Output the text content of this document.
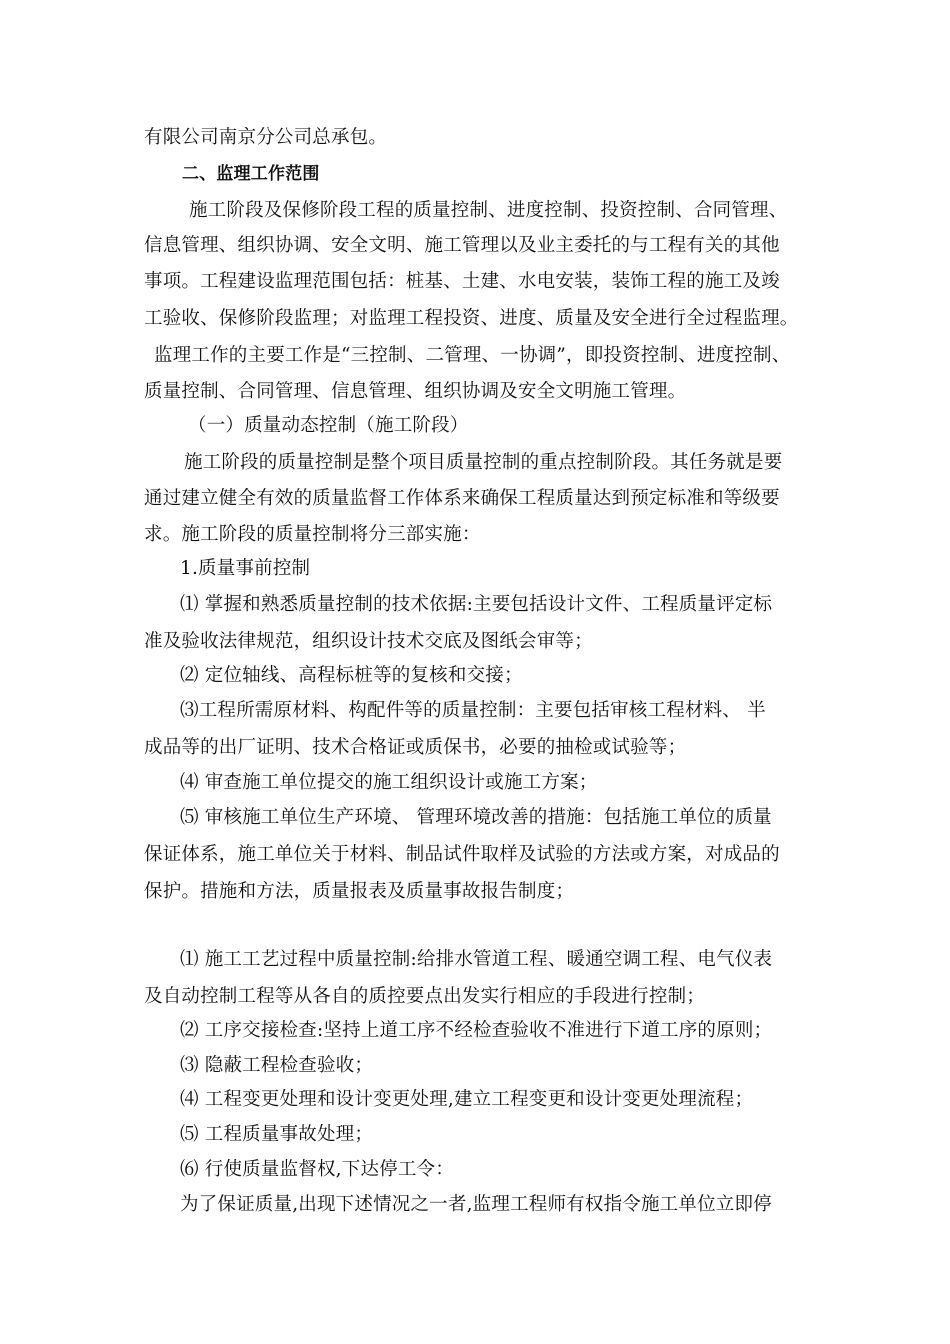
有限公司南京分公司总承包。
二、监理工作范围
施工阶段及保修阶段工程的质量控制、进度控制、投资控制、合同管理、
信息管理、组织协调、安全文明、施工管理以及业主委托的与工程有关的其他
事项。工程建设监理范围包括：桩基、土建、水电安装，装饰工程的施工及竣
工验收、保修阶段监理；对监理工程投资、进度、质量及安全进行全过程监理。
监理工作的主要工作是“三控制、二管理、一协调”，即投资控制、进度控制、
质量控制、合同管理、信息管理、组织协调及安全文明施工管理。
（一）质量动态控制（施工阶段）
施工阶段的质量控制是整个项目质量控制的重点控制阶段。其任务就是要
通过建立健全有效的质量监督工作体系来确保工程质量达到预定标准和等级要
求。施工阶段的质量控制将分三部实施：
1.质量事前控制
⑴ 掌握和熟悉质量控制的技术依据:主要包括设计文件、工程质量评定标
准及验收法律规范，组织设计技术交底及图纸会审等；
⑵ 定位轴线、高程标桩等的复核和交接；
⑶工程所需原材料、构配件等的质量控制：主要包括审核工程材料、 半
成品等的出厂证明、技术合格证或质保书，必要的抽检或试验等；
⑷ 审查施工单位提交的施工组织设计或施工方案；
⑸ 审核施工单位生产环境、 管理环境改善的措施：包括施工单位的质量
保证体系，施工单位关于材料、制品试件取样及试验的方法或方案，对成品的
保护。措施和方法，质量报表及质量事故报告制度；
⑴ 施工工艺过程中质量控制:给排水管道工程、暖通空调工程、电气仪表
及自动控制工程等从各自的质控要点出发实行相应的手段进行控制；
⑵ 工序交接检查:坚持上道工序不经检查验收不准进行下道工序的原则；
⑶ 隐蔽工程检查验收；
⑷ 工程变更处理和设计变更处理,建立工程变更和设计变更处理流程；
⑸ 工程质量事故处理；
⑹ 行使质量监督权,下达停工令：
为了保证质量,出现下述情况之一者,监理工程师有权指令施工单位立即停
